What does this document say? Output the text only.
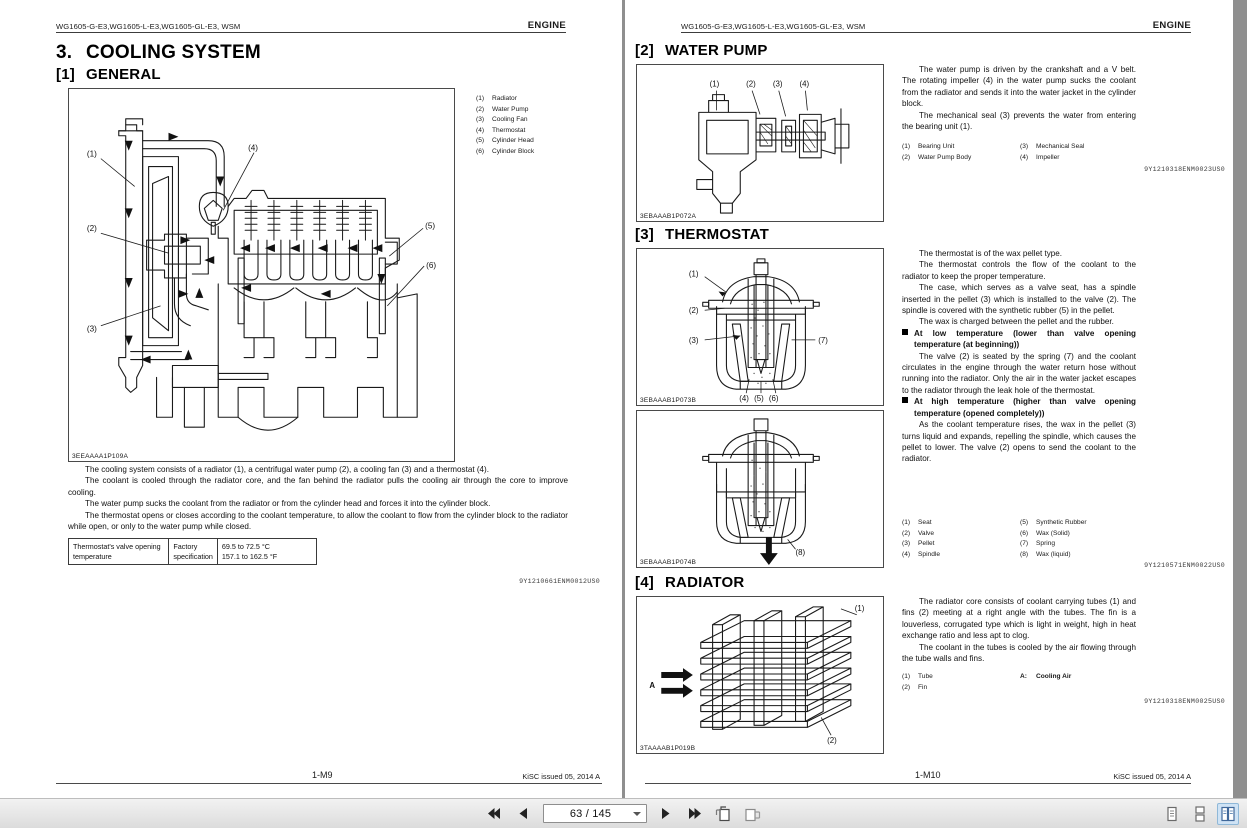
WG1605-G-E3,WG1605-L-E3,WG1605-GL-E3, WSM	ENGINE
3. COOLING SYSTEM
[1] GENERAL
(1)
(2)
(3)
(4)
(5)
(6)
3EEAAAA1P109A
(1)	Radiator
(2)	Water Pump
(3)	Cooling Fan
(4)	Thermostat
(5)	Cylinder Head
(6)	Cylinder Block

The cooling system consists of a radiator (1), a centrifugal water pump (2), a cooling fan (3) and a thermostat (4).

The coolant is cooled through the radiator core, and the fan behind the radiator pulls the cooling air through the core to improve cooling.

The water pump sucks the coolant from the radiator or from the cylinder head and forces it into the cylinder block.

The thermostat opens or closes according to the coolant temperature, to allow the coolant to flow from the cylinder block to the radiator while open, or only to the water pump while closed.

Thermostat's valve opening temperature	Factory specification	69.5 to 72.5 °C
157.1 to 162.5 °F
9Y1210661ENM0012US0
1-M9	KiSC issued 05, 2014 A
WG1605-G-E3,WG1605-L-E3,WG1605-GL-E3, WSM	ENGINE
[2] WATER PUMP
(1)	(2) (3) (4)
3EBAAAB1P072A

The water pump is driven by the crankshaft and a V belt. The rotating impeller (4) in the water pump sucks the coolant from the radiator and sends it into the water jacket in the cylinder block.

The mechanical seal (3) prevents the water from entering the bearing unit (1).

(1)	Bearing Unit
(2)	Water Pump Body
(3)	Mechanical Seal
(4)	Impeller
9Y1210318ENM0023US0
[3] THERMOSTAT
(1)
(2)
(3)	(7)
(4) (5) (6)
3EBAAAB1P073B
(8)
3EBAAAB1P074B

The thermostat is of the wax pellet type.

The thermostat controls the flow of the coolant to the radiator to keep the proper temperature.

The case, which serves as a valve seat, has a spindle inserted in the pellet (3) which is installed to the valve (2). The spindle is covered with the synthetic rubber (5) in the pellet.

The wax is charged between the pellet and the rubber.

At low temperature (lower than valve opening temperature (at beginning))

The valve (2) is seated by the spring (7) and the coolant circulates in the engine through the water return hose without running into the radiator. Only the air in the water jacket escapes to the radiator through the leak hole of the thermostat.

At high temperature (higher than valve opening temperature (opened completely))

As the coolant temperature rises, the wax in the pellet (3) turns liquid and expands, repelling the spindle, which causes the pellet to lower. The valve (2) opens to send the coolant to the radiator.

(1)	Seat
(2)	Valve
(3)	Pellet
(4)	Spindle
(5)	Synthetic Rubber
(6)	Wax (Solid)
(7)	Spring
(8)	Wax (liquid)
9Y1210571ENM0022US0
[4] RADIATOR
A
(1)
(2)
3TAAAAB1P019B

The radiator core consists of coolant carrying tubes (1) and fins (2) meeting at a right angle with the tubes. The fin is a louverless, corrugated type which is light in weight, high in heat exchange ratio and less apt to clog.

The coolant in the tubes is cooled by the air flowing through the tube walls and fins.

(1)	Tube
(2)	Fin
A:	Cooling Air
9Y1210318ENM0025US0
1-M10	KiSC issued 05, 2014 A
63 / 145
